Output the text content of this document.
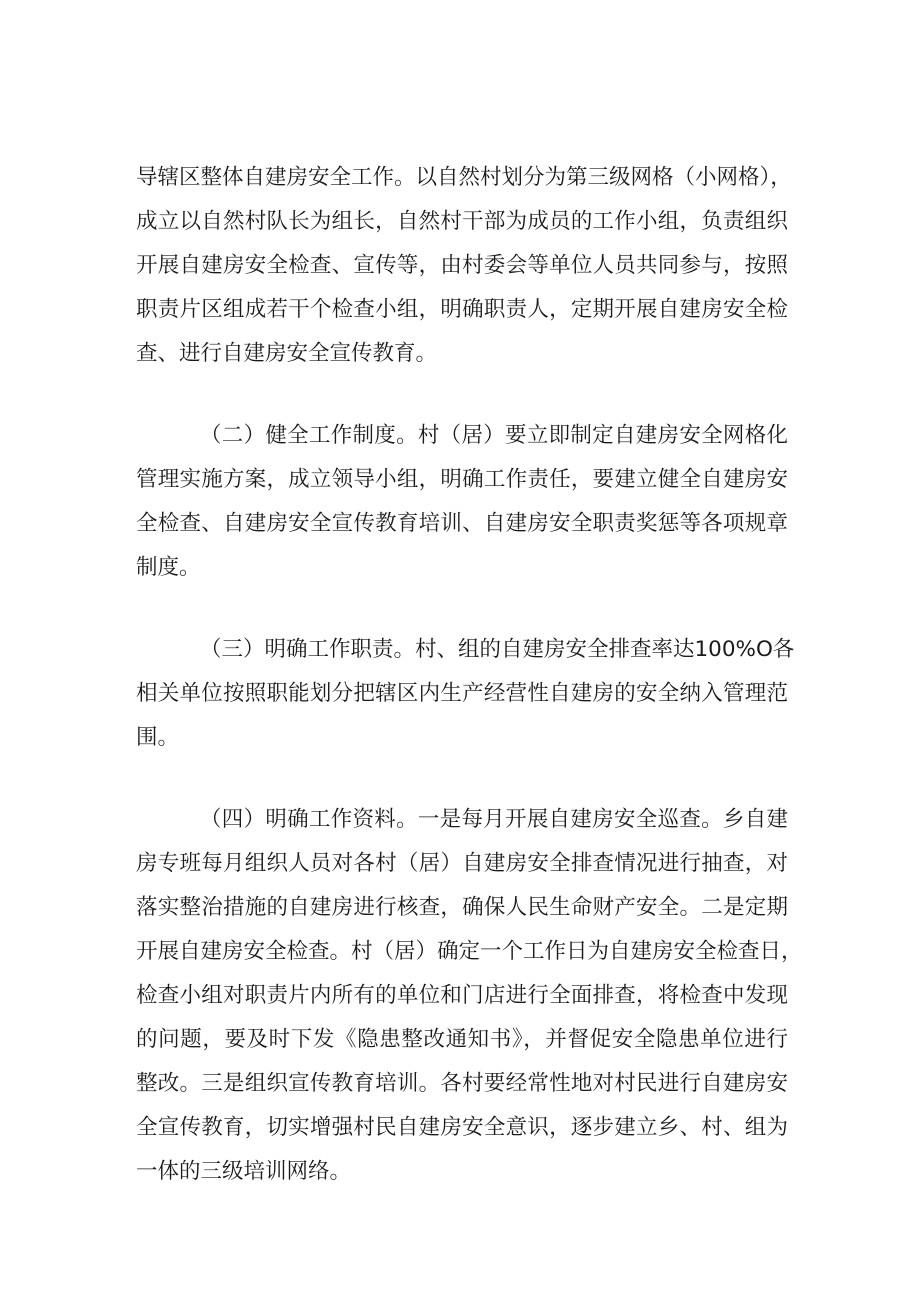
导辖区整体自建房安全工作。以自然村划分为第三级网格（小网格），
成立以自然村队长为组长，自然村干部为成员的工作小组，负责组织
开展自建房安全检查、宣传等，由村委会等单位人员共同参与，按照
职责片区组成若干个检查小组，明确职责人，定期开展自建房安全检
查、进行自建房安全宣传教育。
（二）健全工作制度。村（居）要立即制定自建房安全网格化
管理实施方案，成立领导小组，明确工作责任，要建立健全自建房安
全检查、自建房安全宣传教育培训、自建房安全职责奖惩等各项规章
制度。
（三）明确工作职责。村、组的自建房安全排查率达100%O各
相关单位按照职能划分把辖区内生产经营性自建房的安全纳入管理范
围。
（四）明确工作资料。一是每月开展自建房安全巡查。乡自建
房专班每月组织人员对各村（居）自建房安全排查情况进行抽查，对
落实整治措施的自建房进行核查，确保人民生命财产安全。二是定期
开展自建房安全检查。村（居）确定一个工作日为自建房安全检查日，
检查小组对职责片内所有的单位和门店进行全面排查，将检查中发现
的问题，要及时下发《隐患整改通知书》，并督促安全隐患单位进行
整改。三是组织宣传教育培训。各村要经常性地对村民进行自建房安
全宣传教育，切实增强村民自建房安全意识，逐步建立乡、村、组为
一体的三级培训网络。
